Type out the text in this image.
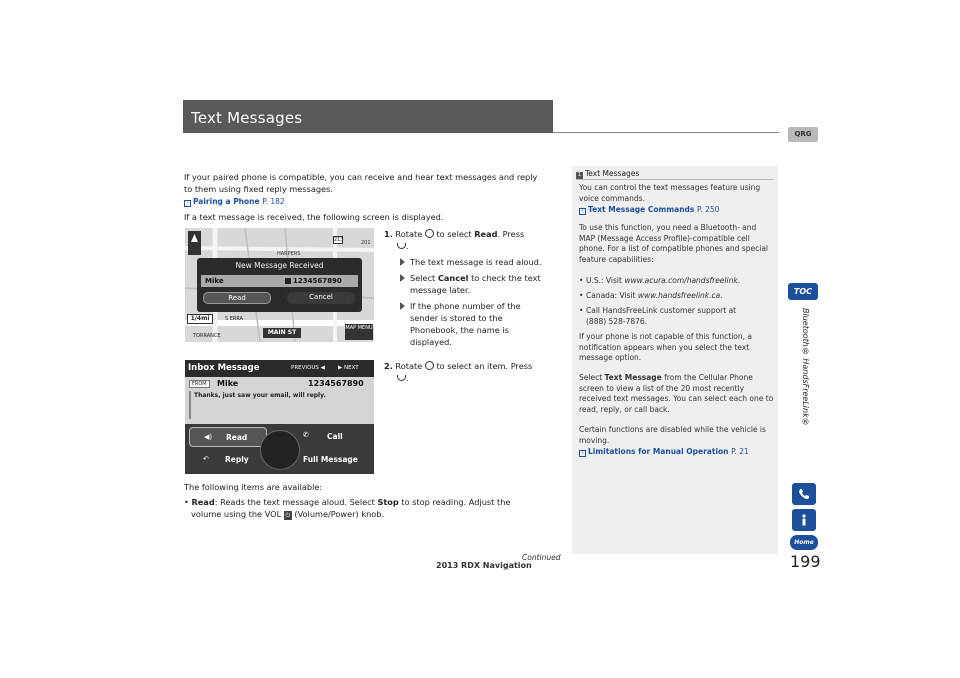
Text Messages
QRG
TOC
Bluetooth® HandsFreeLink®
Home
If your paired phone is compatible, you can receive and hear text messages and reply
to them using fixed reply messages.
› Pairing a Phone P. 182
If a text message is received, the following screen is displayed.
HARPERS
213	201
New Message Received
Mike	1234567890
Read	Cancel
1/4mi	S ERRA
MAIN ST
TORRANCE
MAP MENU
1. Rotate to select Read. Press
.
The text message is read aloud.
Select Cancel to check the text
message later.
If the phone number of the
sender is stored to the
Phonebook, the name is
displayed.
Inbox Message	PREVIOUS ◀ ▶ NEXT
FROM	Mike	1234567890
Thanks, just saw your email, will reply.
◀) Read	✆ Call
↶ Reply	Full Message
2. Rotate to select an item. Press
.
The following items are available:
• Read: Reads the text message aloud. Select Stop to stop reading. Adjust the
volume using the VOL ⏻ (Volume/Power) knob.
1 Text Messages
You can control the text messages feature using voice commands.
› Text Message Commands P. 250
To use this function, you need a Bluetooth- and MAP (Message Access Profile)-compatible cell phone. For a list of compatible phones and special feature capabilities:
• U.S.: Visit www.acura.com/handsfreelink.
• Canada: Visit www.handsfreelink.ca.
• Call HandsFreeLink customer support at
(888) 528-7876.
If your phone is not capable of this function, a notification appears when you select the text message option.
Select Text Message from the Cellular Phone screen to view a list of the 20 most recently received text messages. You can select each one to read, reply, or call back.
Certain functions are disabled while the vehicle is moving.
› Limitations for Manual Operation P. 21
Continued
2013 RDX Navigation	199
